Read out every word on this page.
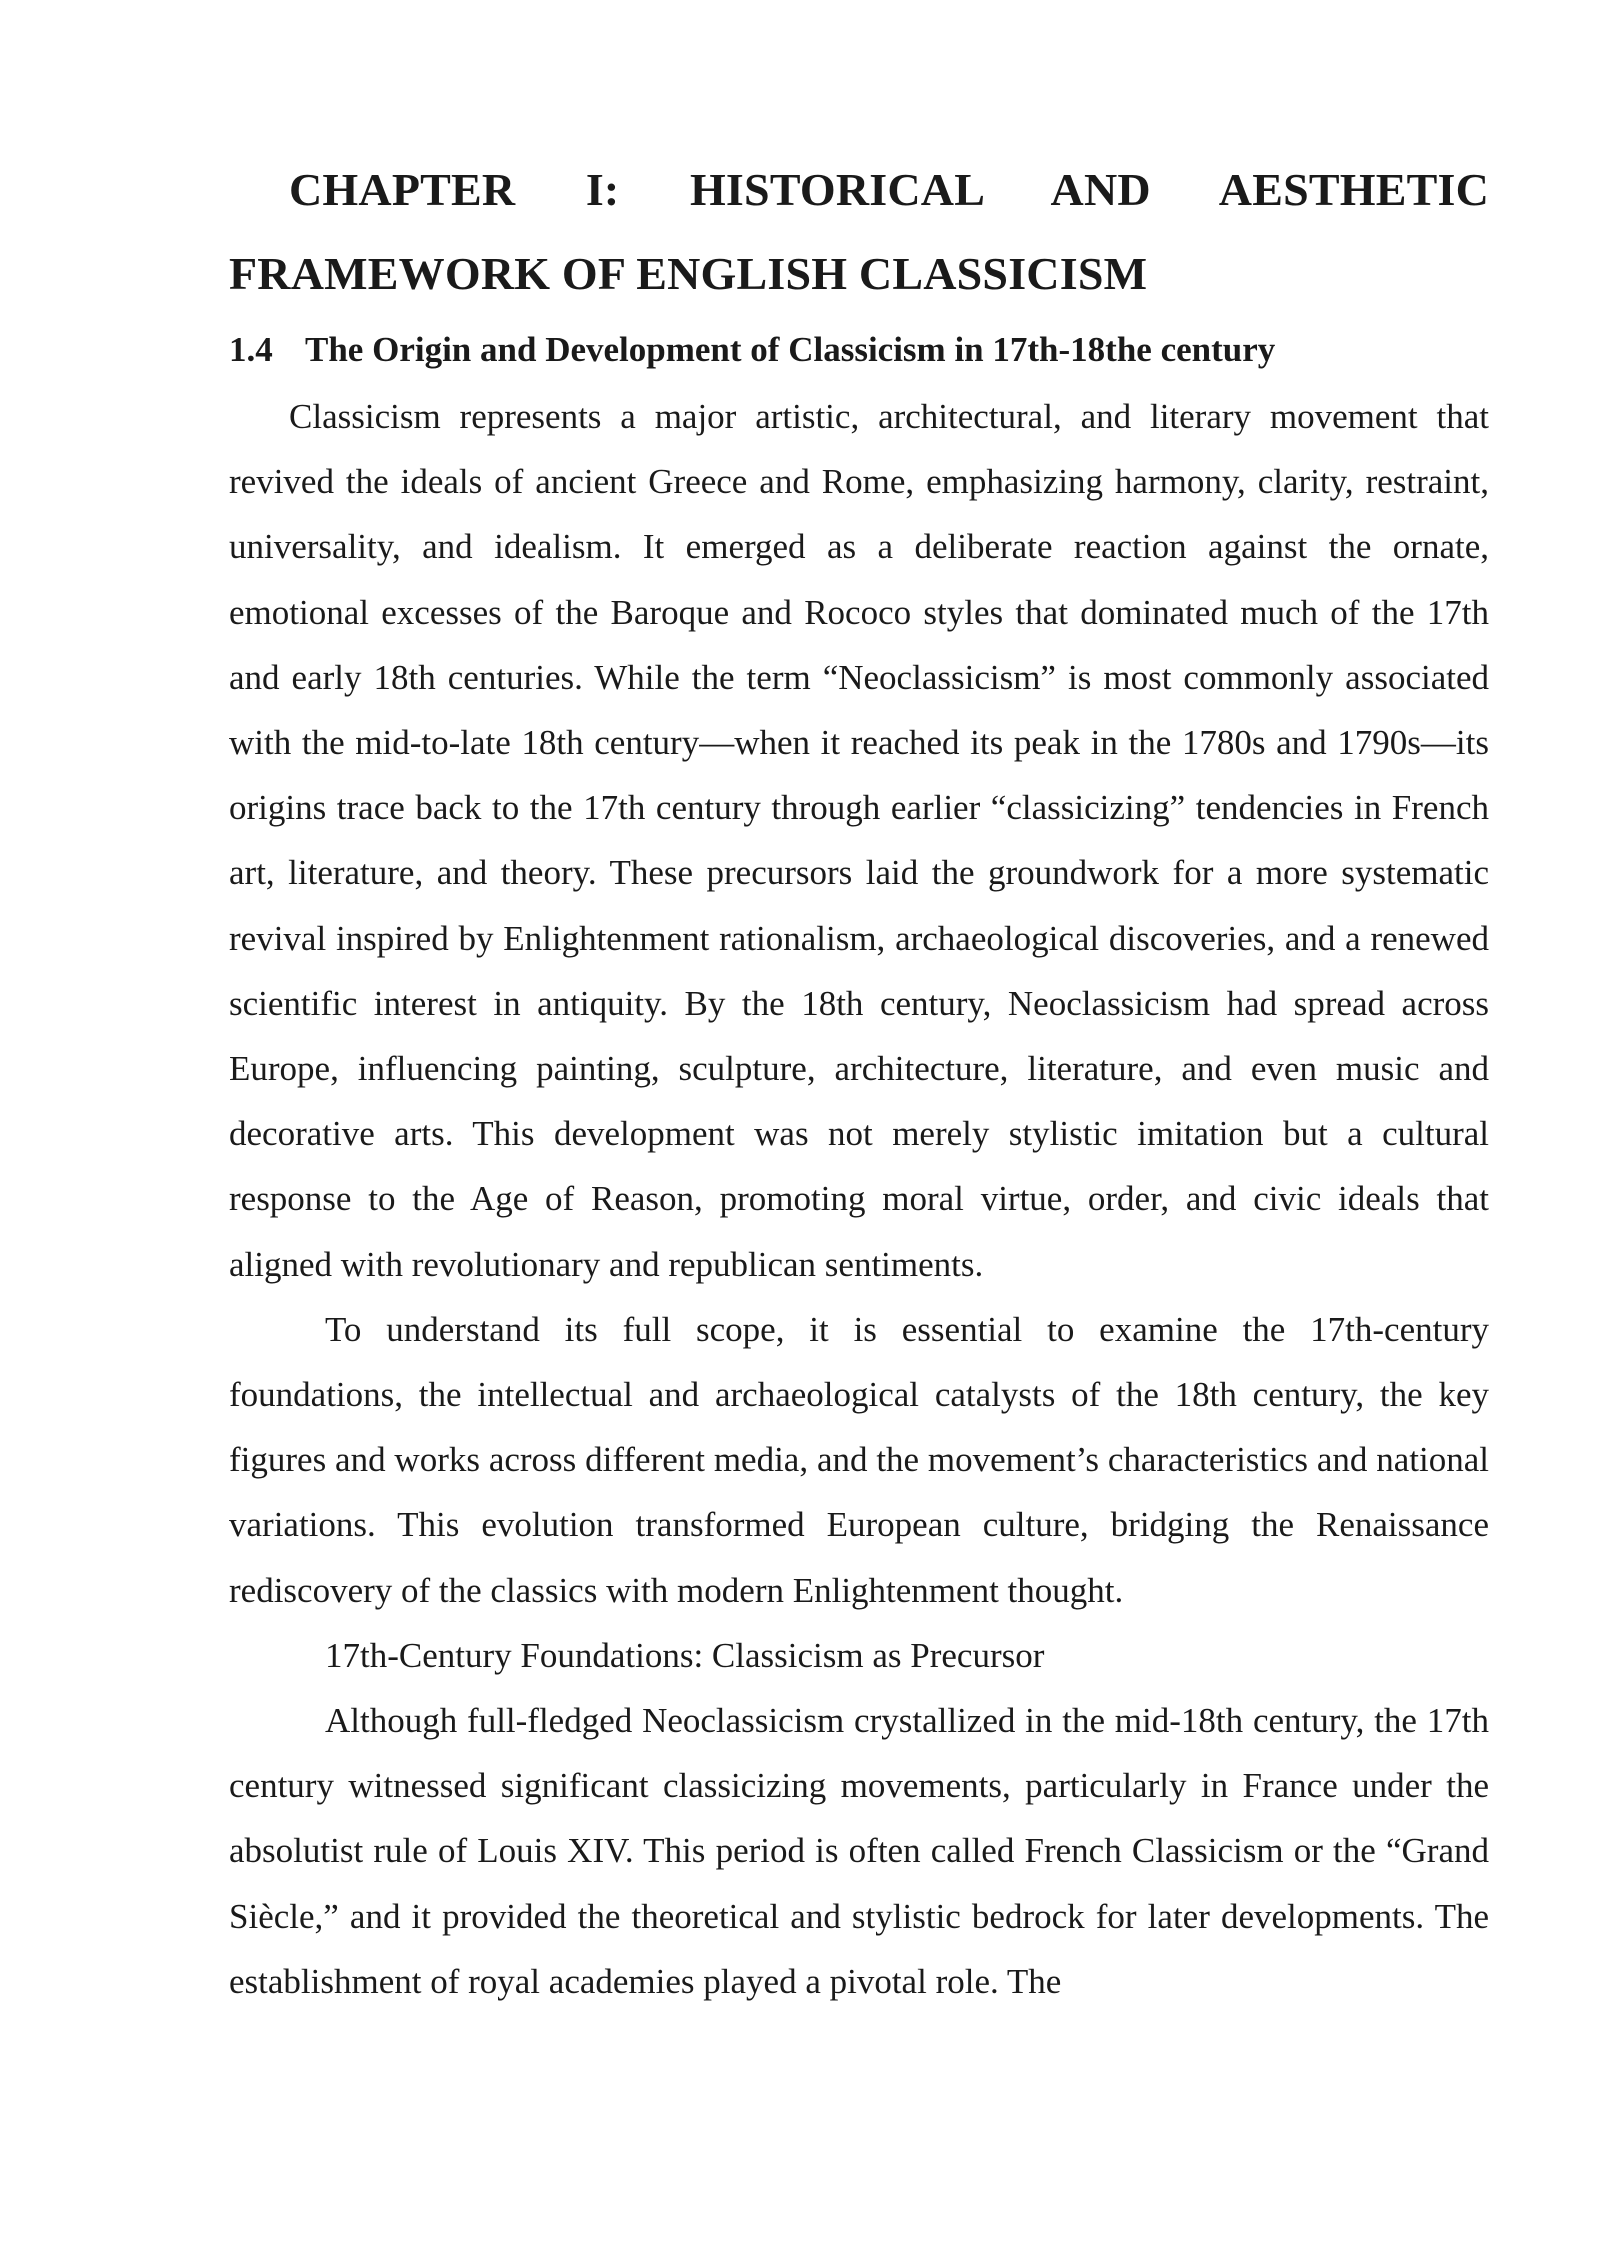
CHAPTER I: HISTORICAL AND AESTHETIC
FRAMEWORK OF ENGLISH CLASSICISM
1.4 The Origin and Development of Classicism in 17th-18the century

Classicism represents a major artistic, architectural, and literary movement that revived the ideals of ancient Greece and Rome, emphasizing harmony, clarity, restraint, universality, and idealism. It emerged as a deliberate reaction against the ornate, emotional excesses of the Baroque and Rococo styles that dominated much of the 17th and early 18th centuries. While the term “Neoclassicism” is most commonly associated with the mid-to-late 18th century—when it reached its peak in the 1780s and 1790s—its origins trace back to the 17th century through earlier “classicizing” tendencies in French art, literature, and theory. These precursors laid the groundwork for a more systematic revival inspired by Enlightenment rationalism, archaeological discoveries, and a renewed scientific interest in antiquity. By the 18th century, Neoclassicism had spread across Europe, influencing painting, sculpture, architecture, literature, and even music and decorative arts. This development was not merely stylistic imitation but a cultural response to the Age of Reason, promoting moral virtue, order, and civic ideals that aligned with revolutionary and republican sentiments.

To understand its full scope, it is essential to examine the 17th-century foundations, the intellectual and archaeological catalysts of the 18th century, the key figures and works across different media, and the movement’s characteristics and national variations. This evolution transformed European culture, bridging the Renaissance rediscovery of the classics with modern Enlightenment thought.

17th-Century Foundations: Classicism as Precursor

Although full-fledged Neoclassicism crystallized in the mid-18th century, the 17th century witnessed significant classicizing movements, particularly in France under the absolutist rule of Louis XIV. This period is often called French Classicism or the “Grand Siècle,” and it provided the theoretical and stylistic bedrock for later developments. The establishment of royal academies played a pivotal role. The
